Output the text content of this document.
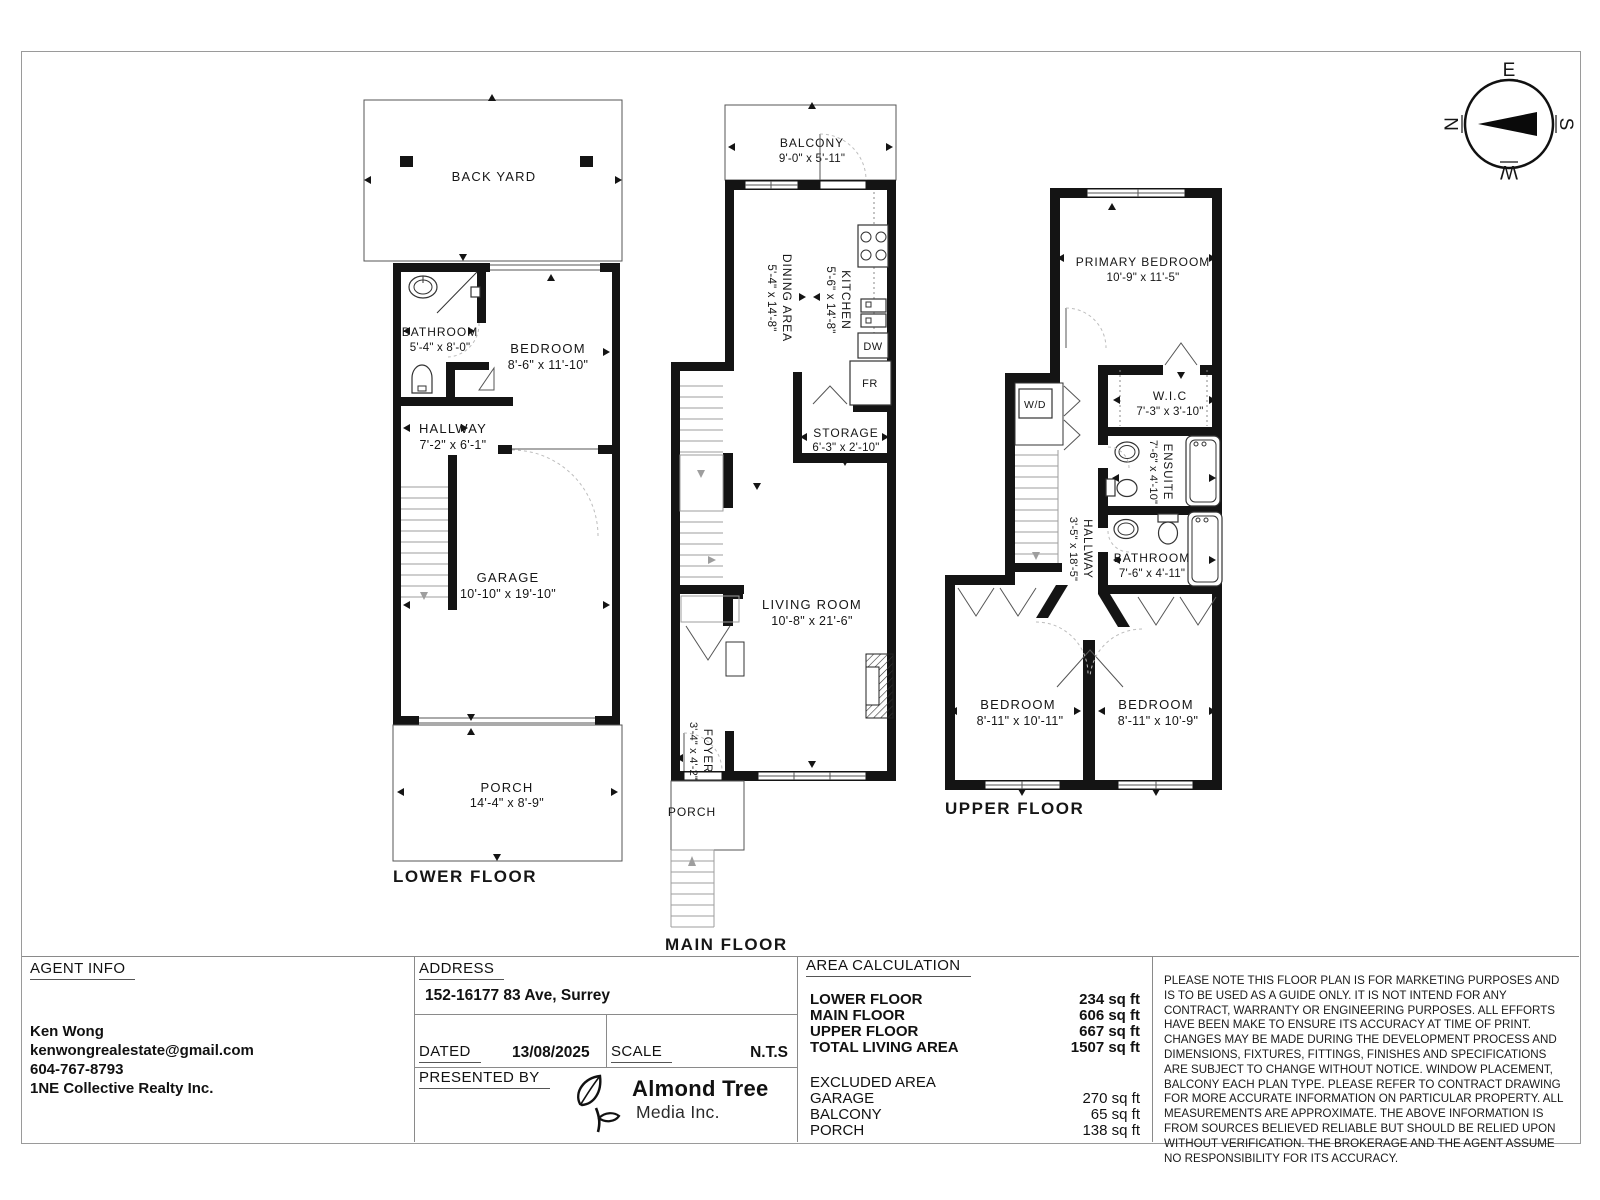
BACK YARD
BATHROOM
5'-4" x 8'-0"	BEDROOM
8'-6" x 11'-10"
HALLWAY
7'-2" x 6'-1"
GARAGE
10'-10" x 19'-10"
PORCH
14'-4" x 8'-9"
LOWER FLOOR
BALCONY
9'-0" x 5'-11"
DW
FR
DINING AREA
5'-4" x 14'-8"	KITCHEN
5'-6" x 14'-8"
FOYER
3'-4" x 4'-2"
STORAGE
6'-3" x 2'-10"
LIVING ROOM
10'-8" x 21'-6"
PORCH
MAIN FLOOR
W/D
PRIMARY BEDROOM
10'-9" x 11'-5"
W.I.C
7'-3" x 3'-10"
ENSUITE
7'-6" x 4'-10"
HALLWAY
3'-5" x 18'-5"	BATHROOM
7'-6" x 4'-11"
BEDROOM
8'-11" x 10'-11"
BEDROOM
8'-11" x 10'-9"
UPPER FLOOR
E
S
W
N
AGENT INFO
Ken Wong
kenwongrealestate@gmail.com
604-767-8793
1NE Collective Realty Inc.
ADDRESS
152-16177 83 Ave, Surrey
DATED	13/08/2025 SCALE	N.T.S
PRESENTED BY	Almond Tree
Media Inc.
AREA CALCULATION
LOWER FLOOR	234 sq ft
MAIN FLOOR	606 sq ft
UPPER FLOOR	667 sq ft
TOTAL LIVING AREA	1507 sq ft
EXCLUDED AREA
GARAGE	270 sq ft
BALCONY	65 sq ft
PORCH	138 sq ft
PLEASE NOTE THIS FLOOR PLAN IS FOR MARKETING PURPOSES AND IS TO BE USED AS A GUIDE ONLY. IT IS NOT INTEND FOR ANY CONTRACT, WARRANTY OR ENGINEERING PURPOSES. ALL EFFORTS HAVE BEEN MAKE TO ENSURE ITS ACCURACY AT TIME OF PRINT. CHANGES MAY BE MADE DURING THE DEVELOPMENT PROCESS AND DIMENSIONS, FIXTURES, FITTINGS, FINISHES AND SPECIFICATIONS ARE SUBJECT TO CHANGE WITHOUT NOTICE. WINDOW PLACEMENT, BALCONY EACH PLAN TYPE. PLEASE REFER TO CONTRACT DRAWING FOR MORE ACCURATE INFORMATION ON PARTICULAR PROPERTY. ALL MEASUREMENTS ARE APPROXIMATE. THE ABOVE INFORMATION IS FROM SOURCES BELIEVED RELIABLE BUT SHOULD BE RELIED UPON WITHOUT VERIFICATION. THE BROKERAGE AND THE AGENT ASSUME NO RESPONSIBILITY FOR ITS ACCURACY.
